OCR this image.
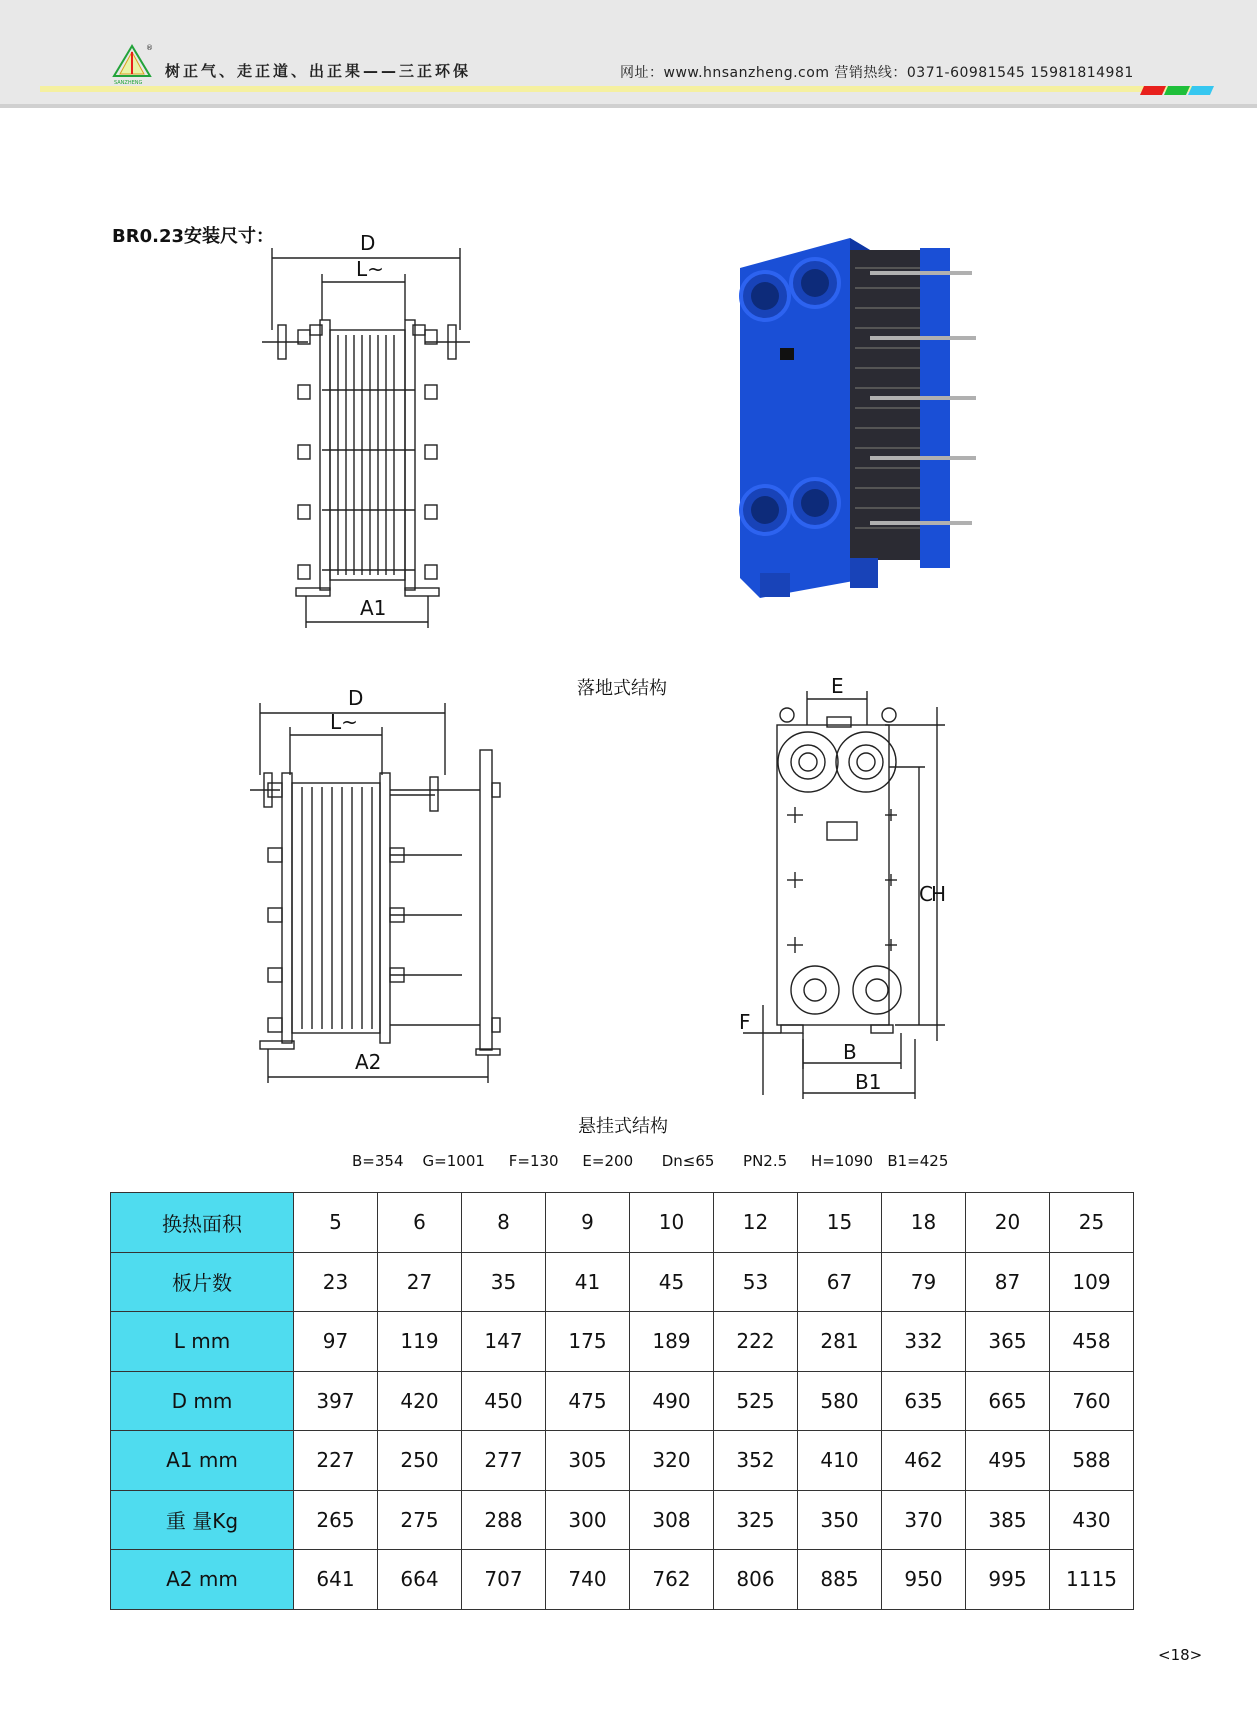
®
SANZHENG
树正气、走正道、出正果——三正环保	网址：www.hnsanzheng.com 营销热线：0371-60981545 15981814981
BR0.23安装尺寸：	D
L~
A1
落地式结构
D
L~
A2
E
C
H
F
B
B1
悬挂式结构
B=354    G=1001     F=130     E=200      Dn≤65      PN2.5     H=1090   B1=425
换热面积	5	6	8	9	10	12	15	18	20	25
板片数	23	27	35	41	45	53	67	79	87	109
L mm	97	119	147	175	189	222	281	332	365	458
D mm	397	420	450	475	490	525	580	635	665	760
A1 mm	227	250	277	305	320	352	410	462	495	588
重 量Kg	265	275	288	300	308	325	350	370	385	430
A2 mm	641	664	707	740	762	806	885	950	995	1115
<18>
